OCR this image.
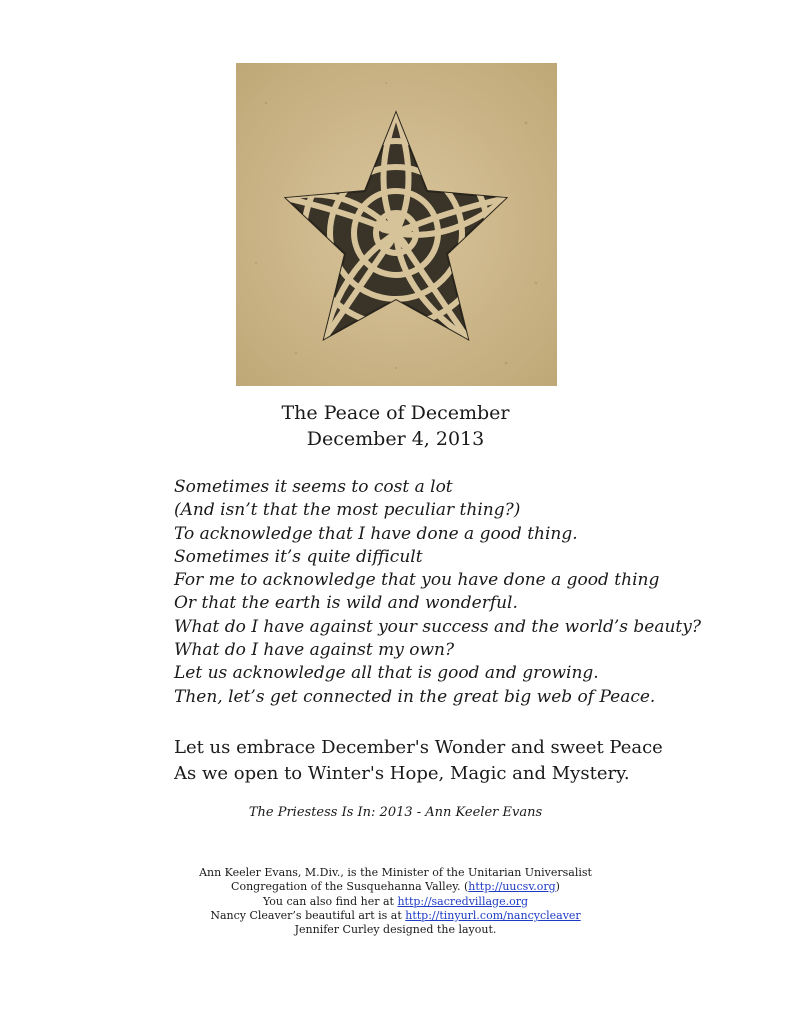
The Peace of December
December 4, 2013
Sometimes it seems to cost a lot
(And isn’t that the most peculiar thing?)
To acknowledge that I have done a good thing.
Sometimes it’s quite difficult
For me to acknowledge that you have done a good thing
Or that the earth is wild and wonderful.
What do I have against your success and the world’s beauty?
What do I have against my own?
Let us acknowledge all that is good and growing.
Then, let’s get connected in the great big web of Peace.
Let us embrace December's Wonder and sweet Peace
As we open to Winter's Hope, Magic and Mystery.
The Priestess Is In: 2013 - Ann Keeler Evans
Ann Keeler Evans, M.Div., is the Minister of the Unitarian Universalist
Congregation of the Susquehanna Valley. (http://uucsv.org)
You can also find her at http://sacredvillage.org
Nancy Cleaver’s beautiful art is at http://tinyurl.com/nancycleaver
Jennifer Curley designed the layout.
